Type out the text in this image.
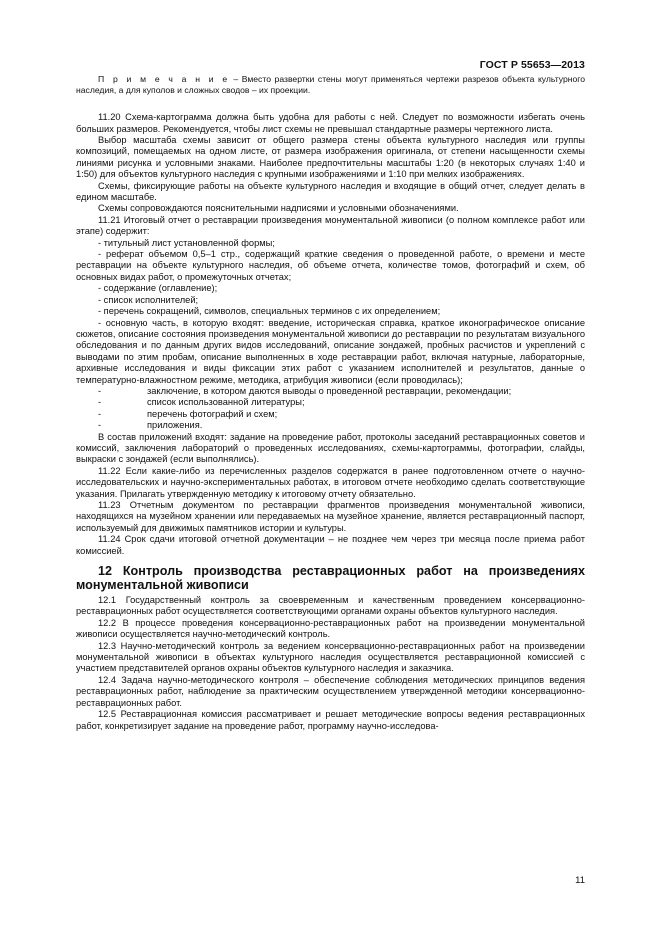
ГОСТ Р 55653—2013

П р и м е ч а н и е – Вместо развертки стены могут применяться чертежи разрезов объекта культурного наследия, а для куполов и сложных сводов – их проекции.

11.20 Схема-картограмма должна быть удобна для работы с ней. Следует по возможности избегать очень больших размеров. Рекомендуется, чтобы лист схемы не превышал стандартные размеры чертежного листа.

Выбор масштаба схемы зависит от общего размера стены объекта культурного наследия или группы композиций, помещаемых на одном листе, от размера изображения оригинала, от степени насыщенности схемы линиями рисунка и условными знаками. Наиболее предпочтительны масштабы 1:20 (в некоторых случаях 1:40 и 1:50) для объектов культурного наследия с крупными изображениями и 1:10 при мелких изображениях.

Схемы, фиксирующие работы на объекте культурного наследия и входящие в общий отчет, следует делать в едином масштабе.

Схемы сопровождаются пояснительными надписями и условными обозначениями.

11.21 Итоговый отчет о реставрации произведения монументальной живописи (о полном комплексе работ или этапе) содержит:

- титульный лист установленной формы;

- реферат объемом 0,5–1 стр., содержащий краткие сведения о проведенной работе, о времени и месте реставрации на объекте культурного наследия, об объеме отчета, количестве томов, фотографий и схем, об основных видах работ, о промежуточных отчетах;

- содержание (оглавление);

- список исполнителей;

- перечень сокращений, символов, специальных терминов с их определением;

- основную часть, в которую входят: введение, историческая справка, краткое иконографическое описание сюжетов, описание состояния произведения монументальной живописи до реставрации по результатам визуального обследования и по данным других видов исследований, описание зондажей, пробных расчистов и укреплений с выводами по этим пробам, описание выполненных в ходе реставрации работ, включая натурные, лабораторные, архивные исследования и виды фиксации этих работ с указанием исполнителей и результатов, данные о температурно-влажностном режиме, методика, атрибуция живописи (если проводилась);

-	заключение, в котором даются выводы о проведенной реставрации, рекомендации;
-	список использованной литературы;
-	перечень фотографий и схем;
-	приложения.

В состав приложений входят: задание на проведение работ, протоколы заседаний реставрационных советов и комиссий, заключения лабораторий о проведенных исследованиях, схемы-картограммы, фотографии, слайды, выкраски с зондажей (если выполнялись).

11.22 Если какие-либо из перечисленных разделов содержатся в ранее подготовленном отчете о научно-исследовательских и научно-экспериментальных работах, в итоговом отчете необходимо сделать соответствующие указания. Прилагать утвержденную методику к итоговому отчету обязательно.

11.23 Отчетным документом по реставрации фрагментов произведения монументальной живописи, находящихся на музейном хранении или передаваемых на музейное хранение, является реставрационный паспорт, используемый для движимых памятников истории и культуры.

11.24 Срок сдачи итоговой отчетной документации – не позднее чем через три месяца после приема работ комиссией.

12 Контроль производства реставрационных работ на произведениях монументальной живописи

12.1 Государственный контроль за своевременным и качественным проведением консервационно-реставрационных работ осуществляется соответствующими органами охраны объектов культурного наследия.

12.2 В процессе проведения консервационно-реставрационных работ на произведении монументальной живописи осуществляется научно-методический контроль.

12.3 Научно-методический контроль за ведением консервационно-реставрационных работ на произведении монументальной живописи в объектах культурного наследия осуществляется реставрационной комиссией с участием представителей органов охраны объектов культурного наследия и заказчика.

12.4 Задача научно-методического контроля – обеспечение соблюдения методических принципов ведения реставрационных работ, наблюдение за практическим осуществлением утвержденной методики консервационно-реставрационных работ.

12.5 Реставрационная комиссия рассматривает и решает методические вопросы ведения реставрационных работ, конкретизирует задание на проведение работ, программу научно-исследова-

11
